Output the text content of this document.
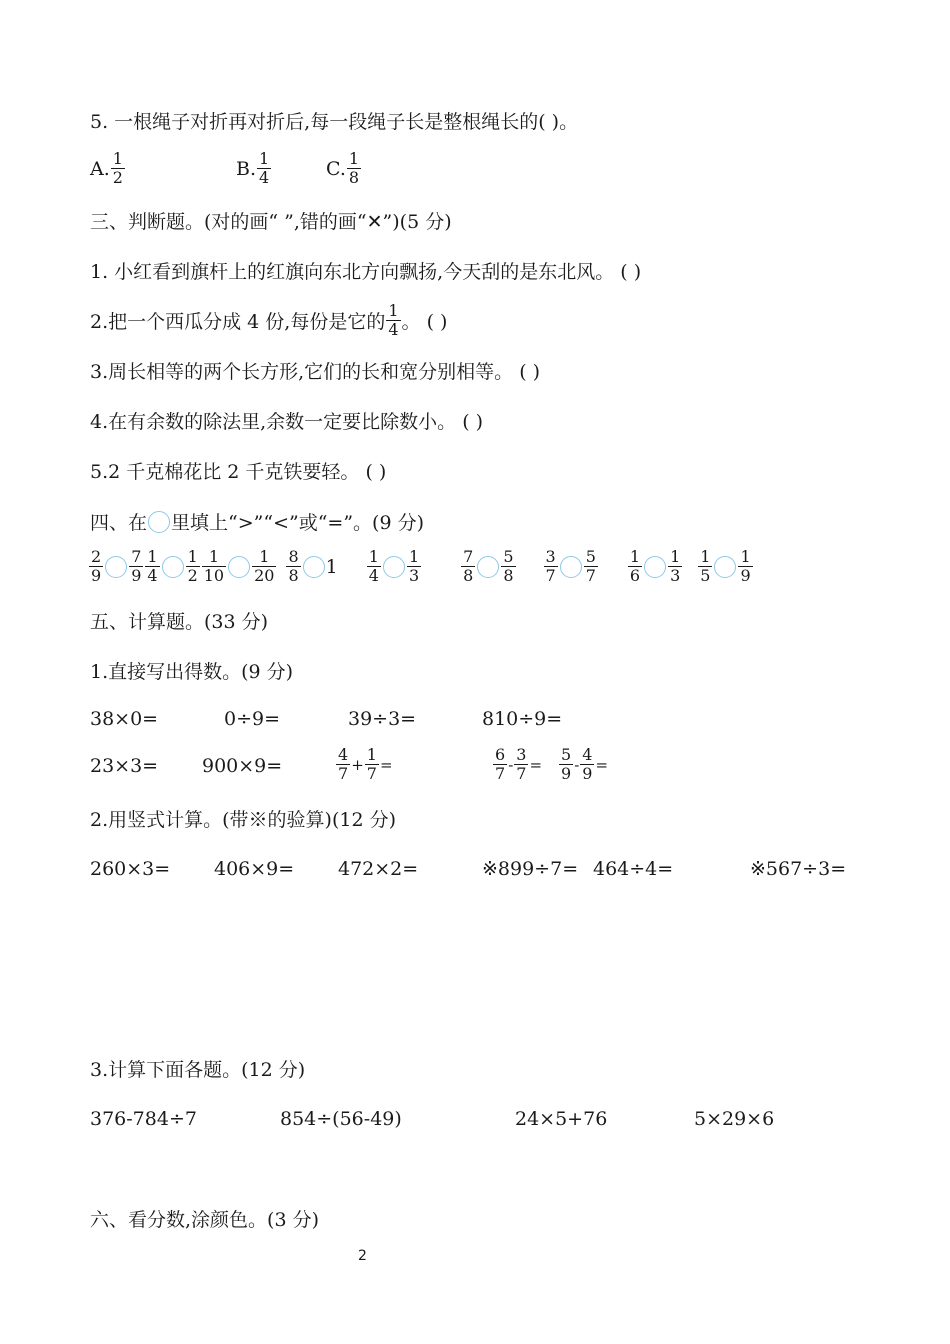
5. 一根绳子对折再对折后,每一段绳子长是整根绳长的( )。
A. $\frac{1}{2}$	B. $\frac{1}{4}$	C. $\frac{1}{8}$
三、判断题。(对的画“ ”,错的画“✕”)(5 分)
1. 小红看到旗杆上的红旗向东北方向飘扬,今天刮的是东北风。 ( )
2.把一个西瓜分成 4 份,每份是它的 $\frac{1}{4}$ 。 ( )
3.周长相等的两个长方形,它们的长和宽分别相等。 ( )
4.在有余数的除法里,余数一定要比除数小。 ( )
5.2 千克棉花比 2 千克铁要轻。 ( )
四、在 里填上“>”“<”或“=”。(9 分)
$\frac{2}{9} \frac{7}{9} \frac{1}{4} \frac{1}{2} \frac{1}{10} \frac{1}{20} \frac{8}{8} 1 \frac{1}{4} \frac{1}{3}$	$\frac{7}{8} \frac{5}{8} \frac{3}{7} \frac{5}{7} \frac{1}{6} \frac{1}{3} \frac{1}{5} \frac{1}{9}$
五、计算题。(33 分)
1.直接写出得数。(9 分)
38×0=	0÷9=	39÷3=	810÷9=
23×3= 900×9=	$\frac{4}{7} + \frac{1}{7}$ =	$\frac{6}{7} - \frac{3}{7} = \frac{5}{9} - \frac{4}{9}$ =
2.用竖式计算。(带※的验算)(12 分)
260×3= 406×9= 472×2=	※899÷7= 464÷4=	※567÷3=
3.计算下面各题。(12 分)
376-784÷7	854÷(56-49)	24×5+76	5×29×6
六、看分数,涂颜色。(3 分)
2
